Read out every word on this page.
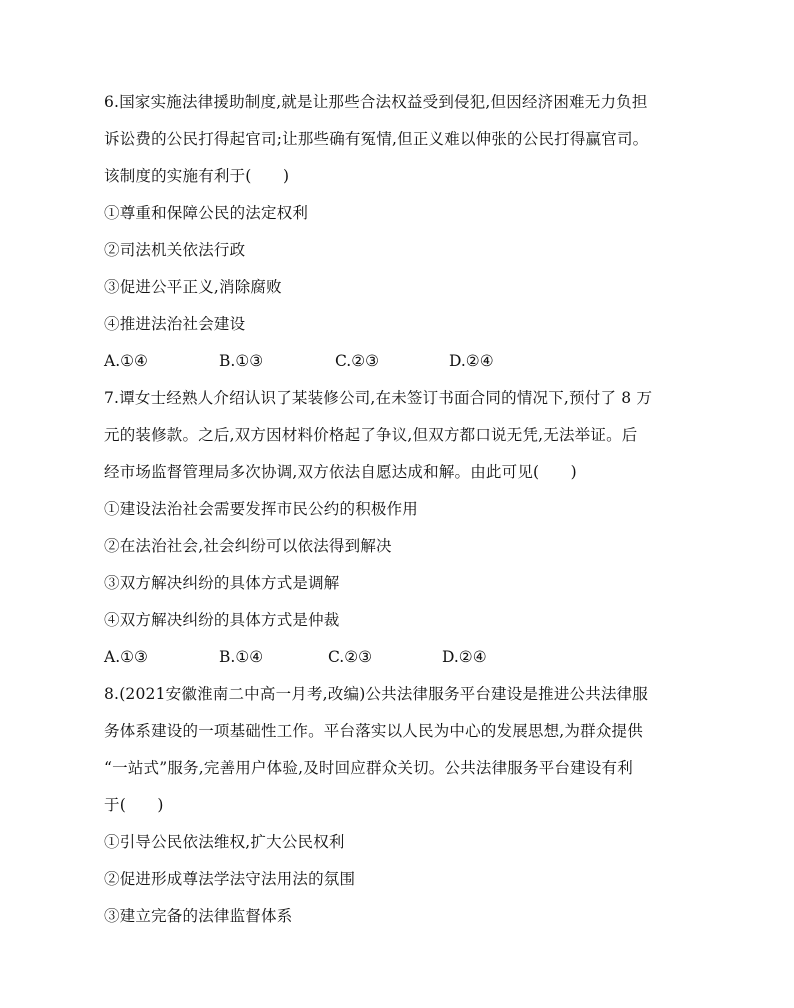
6.国家实施法律援助制度,就是让那些合法权益受到侵犯,但因经济困难无力负担
诉讼费的公民打得起官司;让那些确有冤情,但正义难以伸张的公民打得赢官司。
该制度的实施有利于(　　)
①尊重和保障公民的法定权利
②司法机关依法行政
③促进公平正义,消除腐败
④推进法治社会建设
A.①④	B.①③	C.②③	D.②④
7.谭女士经熟人介绍认识了某装修公司,在未签订书面合同的情况下,预付了 8 万
元的装修款。之后,双方因材料价格起了争议,但双方都口说无凭,无法举证。后
经市场监督管理局多次协调,双方依法自愿达成和解。由此可见(　　)
①建设法治社会需要发挥市民公约的积极作用
②在法治社会,社会纠纷可以依法得到解决
③双方解决纠纷的具体方式是调解
④双方解决纠纷的具体方式是仲裁
A.①③	B.①④	C.②③	D.②④
8.(2021安徽淮南二中高一月考,改编)公共法律服务平台建设是推进公共法律服
务体系建设的一项基础性工作。平台落实以人民为中心的发展思想,为群众提供
“一站式”服务,完善用户体验,及时回应群众关切。公共法律服务平台建设有利
于(　　)
①引导公民依法维权,扩大公民权利
②促进形成尊法学法守法用法的氛围
③建立完备的法律监督体系
